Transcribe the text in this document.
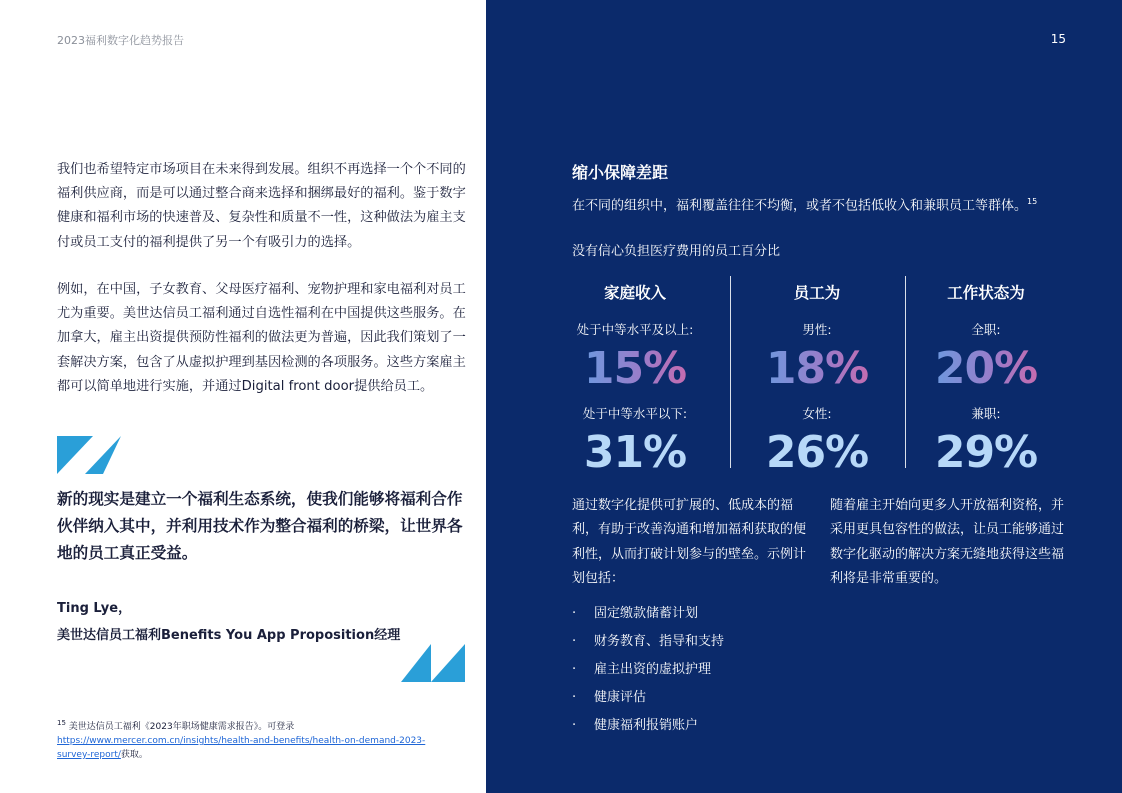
2023福利数字化趋势报告

我们也希望特定市场项目在未来得到发展。组织不再选择一个个不同的福利供应商，而是可以通过整合商来选择和捆绑最好的福利。鉴于数字健康和福利市场的快速普及、复杂性和质量不一性，这种做法为雇主支付或员工支付的福利提供了另一个有吸引力的选择。

例如，在中国，子女教育、父母医疗福利、宠物护理和家电福利对员工尤为重要。美世达信员工福利通过自选性福利在中国提供这些服务。在加拿大，雇主出资提供预防性福利的做法更为普遍，因此我们策划了一套解决方案，包含了从虚拟护理到基因检测的各项服务。这些方案雇主都可以简单地进行实施，并通过Digital front door提供给员工。

新的现实是建立一个福利生态系统，使我们能够将福利合作伙伴纳入其中，并利用技术作为整合福利的桥梁，让世界各地的员工真正受益。

Ting Lye，
美世达信员工福利Benefits You App Proposition经理
$^{15}$ 美世达信员工福利《2023年职场健康需求报告》。可登录https://www.mercer.com.cn/insights/health-and-benefits/health-on-demand-2023-survey-report/获取。
15
缩小保障差距
在不同的组织中，福利覆盖往往不均衡，或者不包括低收入和兼职员工等群体。$^{15}$
没有信心负担医疗费用的员工百分比
家庭收入
处于中等水平及以上:
15%
处于中等水平以下:
31%
员工为
男性:
18%
女性:
26%
工作状态为
全职:
20%
兼职:
29%

通过数字化提供可扩展的、低成本的福利，有助于改善沟通和增加福利获取的便利性，从而打破计划参与的壁垒。示例计划包括：

随着雇主开始向更多人开放福利资格，并采用更具包容性的做法，让员工能够通过数字化驱动的解决方案无缝地获得这些福利将是非常重要的。

· 固定缴款储蓄计划
· 财务教育、指导和支持
· 雇主出资的虚拟护理
· 健康评估
· 健康福利报销账户
